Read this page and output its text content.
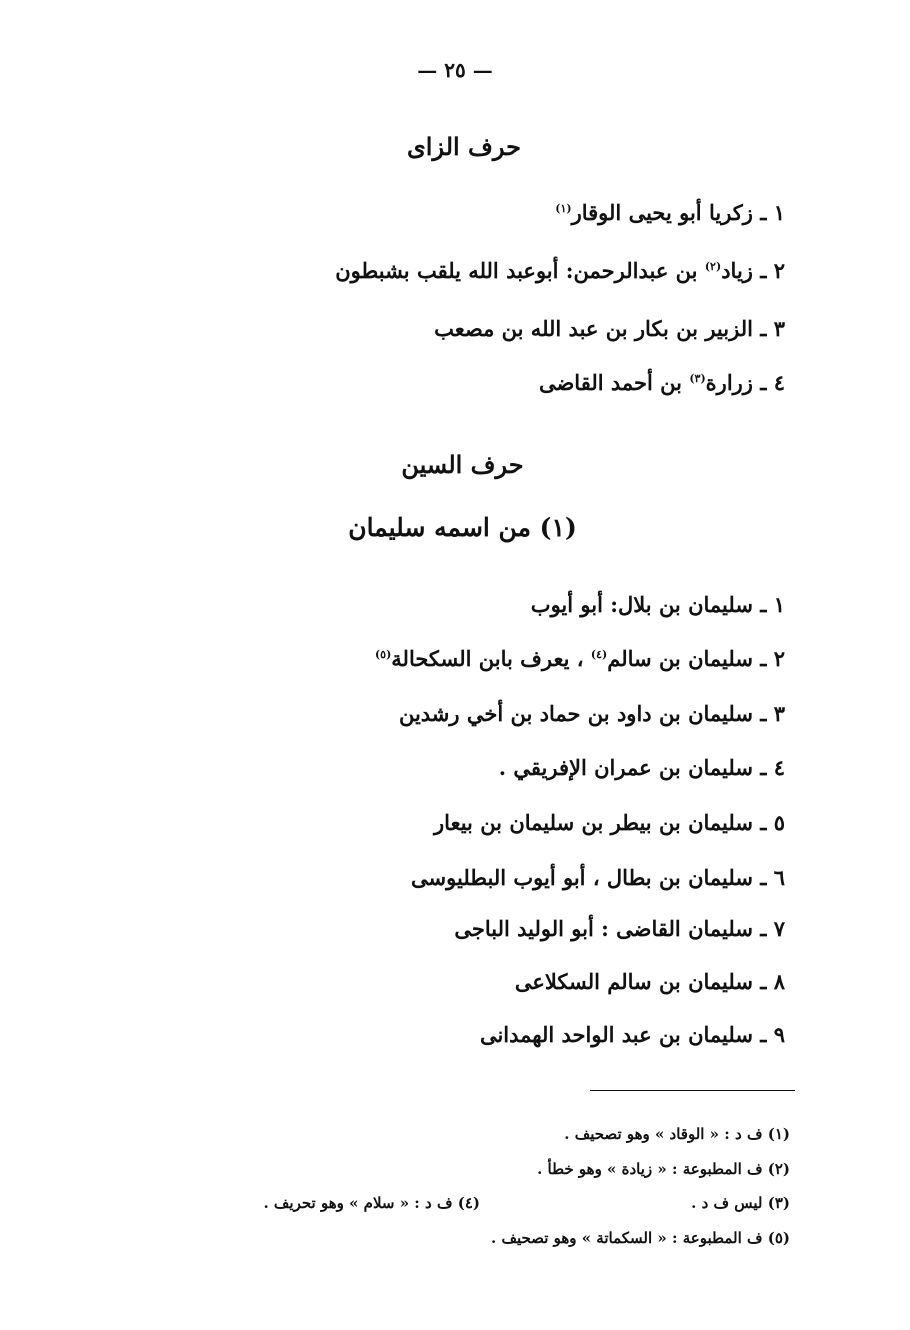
— ٢٥ —
حرف الزاى
١ ـ زكريا أبو يحيى الوقار$^{(١)}$
٢ ـ زياد$^{(٢)}$ بن عبدالرحمن: أبوعبد الله يلقب بشبطون
٣ ـ الزبير بن بكار بن عبد الله بن مصعب
٤ ـ زرارة$^{(٣)}$ بن أحمد القاضى
حرف السين
(١) من اسمه سليمان
١ ـ سليمان بن بلال: أبو أيوب
٢ ـ سليمان بن سالم$^{(٤)}$ ، يعرف بابن السكحالة$^{(٥)}$
٣ ـ سليمان بن داود بن حماد بن أخي رشدين
٤ ـ سليمان بن عمران الإفريقي .
٥ ـ سليمان بن بيطر بن سليمان بن بيعار
٦ ـ سليمان بن بطال ، أبو أيوب البطليوسى
٧ ـ سليمان القاضى : أبو الوليد الباجى
٨ ـ سليمان بن سالم السكلاعى
٩ ـ سليمان بن عبد الواحد الهمدانى
(١) ف د : « الوقاد » وهو تصحيف .
(٢) ف المطبوعة : « زيادة » وهو خطأ .
(٣) ليس ف د .
(٤) ف د : « سلام » وهو تحريف .
(٥) ف المطبوعة : « السكماتة » وهو تصحيف .
